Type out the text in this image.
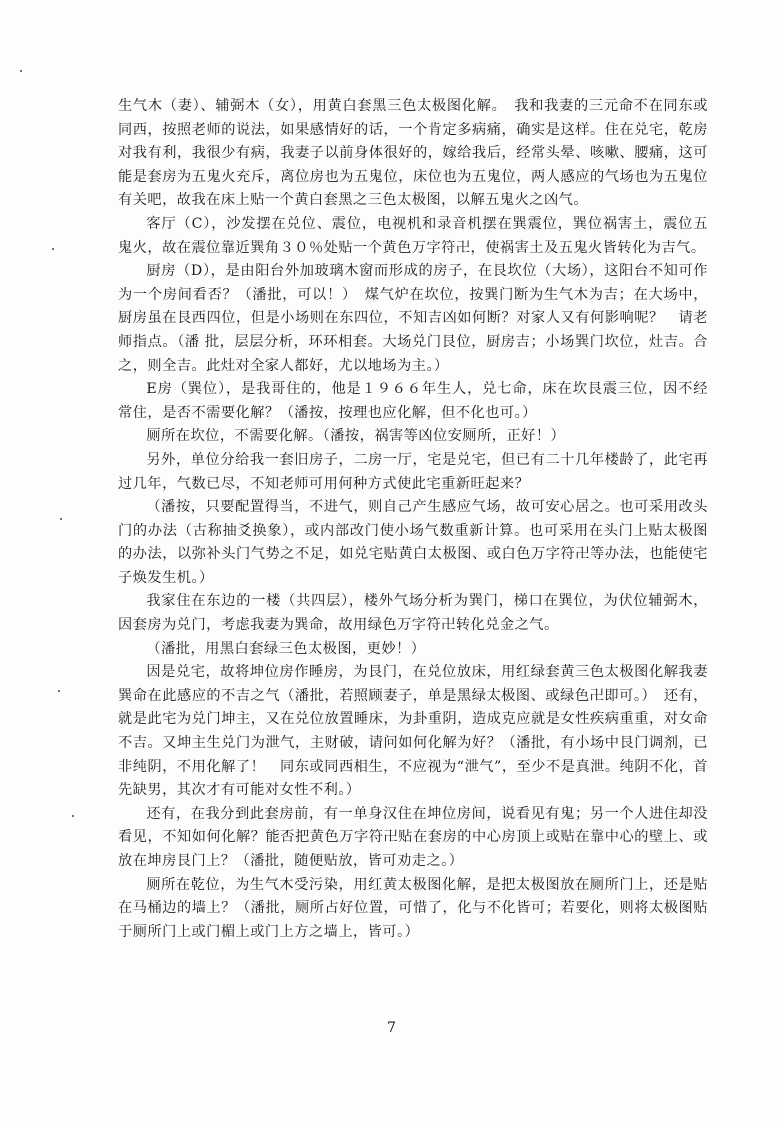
生气木（妻）、辅弼木（女），用黄白套黑三色太极图化解。　我和我妻的三元命不在同东或同西，按照老师的说法，如果感情好的话，一个肯定多病痛，确实是这样。住在兑宅，乾房对我有利，我很少有病，我妻子以前身体很好的，嫁给我后，经常头晕、咳嗽、腰痛，这可能是套房为五鬼火充斥，离位房也为五鬼位，床位也为五鬼位，两人感应的气场也为五鬼位有关吧，故我在床上贴一个黄白套黑之三色太极图，以解五鬼火之凶气。

客厅（C），沙发摆在兑位、震位，电视机和录音机摆在巽震位，巽位祸害土，震位五鬼火，故在震位靠近巽角３０％处贴一个黄色万字符卍，使祸害土及五鬼火皆转化为吉气。

厨房（D），是由阳台外加玻璃木窗而形成的房子，在艮坎位（大场），这阳台不知可作为一个房间看否？（潘批，可以！）　煤气炉在坎位，按巽门断为生气木为吉；在大场中，厨房虽在艮西四位，但是小场则在东四位，不知吉凶如何断？对家人又有何影响呢？　请老师指点。（潘 批，层层分析，环环相套。大场兑门艮位，厨房吉；小场巽门坎位，灶吉。合之，则全吉。此灶对全家人都好，尤以地场为主。）

E房（巽位），是我哥住的，他是１９６６年生人，兑七命，床在坎艮震三位，因不经常住，是否不需要化解？（潘按，按理也应化解，但不化也可。）

厕所在坎位，不需要化解。（潘按，祸害等凶位安厕所，正好！）

另外，单位分给我一套旧房子，二房一厅，宅是兑宅，但已有二十几年楼龄了，此宅再过几年，气数已尽，不知老师可用何种方式使此宅重新旺起来？

（潘按，只要配置得当，不进气，则自己产生感应气场，故可安心居之。也可采用改头门的办法（古称抽爻换象），或内部改门使小场气数重新计算。也可采用在头门上贴太极图的办法，以弥补头门气势之不足，如兑宅贴黄白太极图、或白色万字符卍等办法，也能使宅子焕发生机。）

我家住在东边的一楼（共四层），楼外气场分析为巽门，梯口在巽位，为伏位辅弼木，因套房为兑门，考虑我妻为巽命，故用绿色万字符卍转化兑金之气。

（潘批，用黑白套绿三色太极图，更妙！）

因是兑宅，故将坤位房作睡房，为艮门，在兑位放床，用红绿套黄三色太极图化解我妻巽命在此感应的不吉之气（潘批，若照顾妻子，单是黑绿太极图、或绿色卍即可。）　还有，就是此宅为兑门坤主，又在兑位放置睡床，为卦重阴，造成克应就是女性疾病重重，对女命不吉。又坤主生兑门为泄气，主财破，请问如何化解为好？（潘批，有小场中艮门调剂，已非纯阴，不用化解了！　同东或同西相生，不应视为“泄气”，至少不是真泄。纯阴不化，首先缺男，其次才有可能对女性不利。）

还有，在我分到此套房前，有一单身汉住在坤位房间，说看见有鬼；另一个人进住却没看见，不知如何化解？能否把黄色万字符卍贴在套房的中心房顶上或贴在靠中心的壁上、或放在坤房艮门上？（潘批，随便贴放，皆可劝走之。）

厕所在乾位，为生气木受污染，用红黄太极图化解，是把太极图放在厕所门上，还是贴在马桶边的墙上？（潘批，厕所占好位置，可惜了，化与不化皆可；若要化，则将太极图贴于厕所门上或门楣上或门上方之墙上，皆可。）

7
